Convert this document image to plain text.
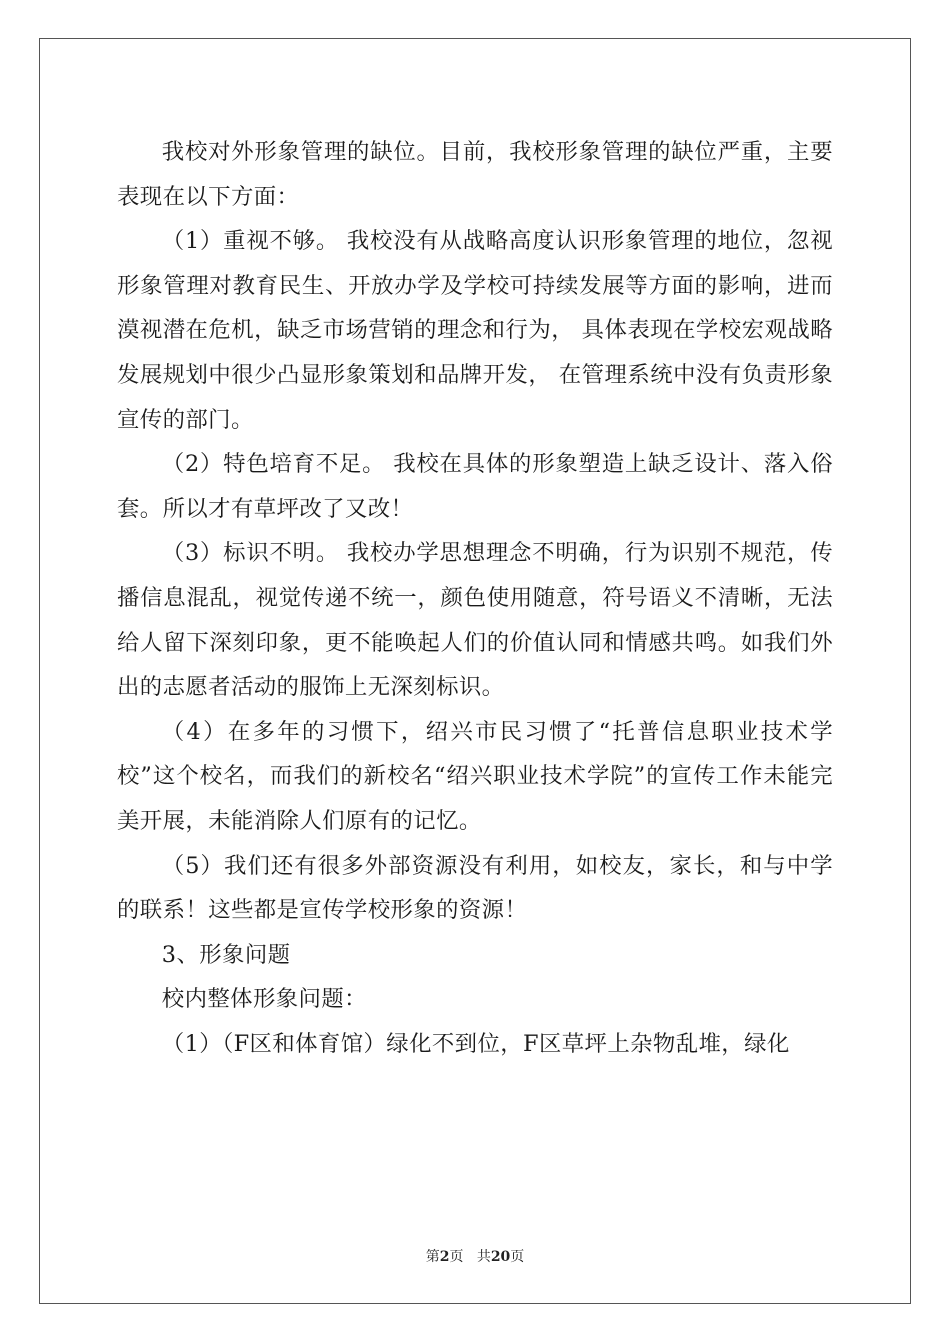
我校对外形象管理的缺位。目前，我校形象管理的缺位严重，主要表现在以下方面：

（1）重视不够。 我校没有从战略高度认识形象管理的地位，忽视形象管理对教育民生、开放办学及学校可持续发展等方面的影响，进而漠视潜在危机，缺乏市场营销的理念和行为， 具体表现在学校宏观战略发展规划中很少凸显形象策划和品牌开发， 在管理系统中没有负责形象宣传的部门。

（2）特色培育不足。 我校在具体的形象塑造上缺乏设计、落入俗套。所以才有草坪改了又改！

（3）标识不明。 我校办学思想理念不明确，行为识别不规范，传播信息混乱，视觉传递不统一，颜色使用随意，符号语义不清晰，无法给人留下深刻印象，更不能唤起人们的价值认同和情感共鸣。如我们外出的志愿者活动的服饰上无深刻标识。

（4）在多年的习惯下，绍兴市民习惯了“托普信息职业技术学校”这个校名，而我们的新校名“绍兴职业技术学院”的宣传工作未能完美开展，未能消除人们原有的记忆。

（5）我们还有很多外部资源没有利用，如校友，家长，和与中学的联系！这些都是宣传学校形象的资源！

3、形象问题

校内整体形象问题：

（1）（F区和体育馆）绿化不到位，F区草坪上杂物乱堆，绿化

第2页 共20页
